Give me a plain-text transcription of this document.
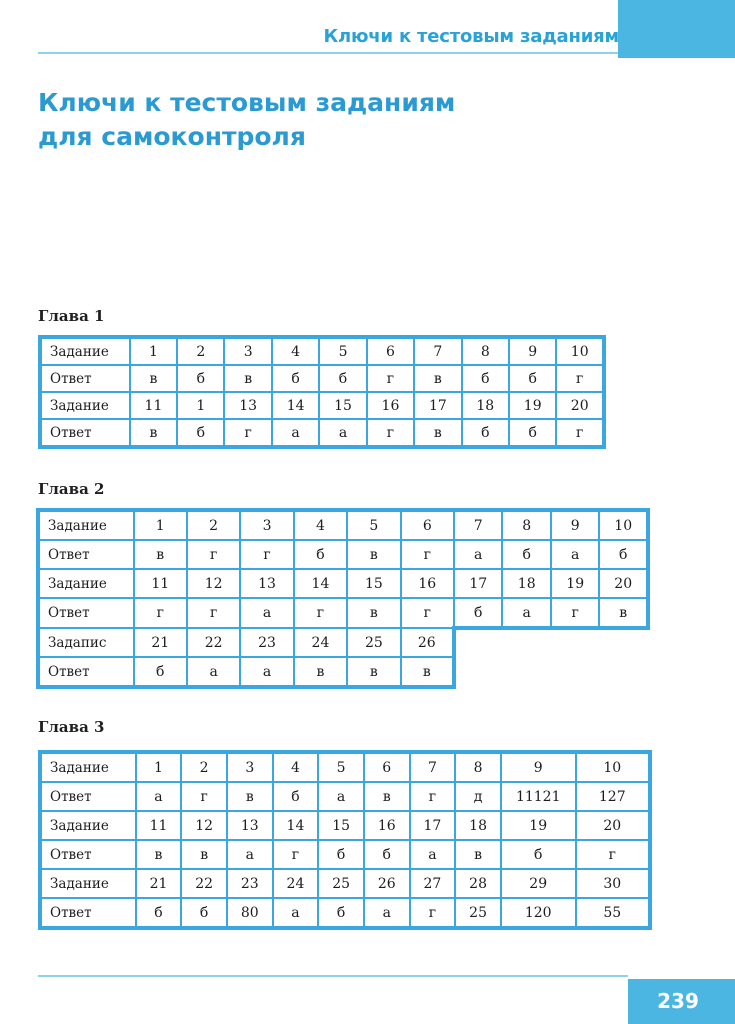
Ключи к тестовым заданиям
Ключи к тестовым заданиям
для самоконтроля

Глава 1

Задание	1	2	3	4	5	6	7	8	9	10
Ответ	в	б	в	б	б	г	в	б	б	г
Задание	11	1	13	14	15	16	17	18	19	20
Ответ	в	б	г	а	а	г	в	б	б	г

Глава 2

Задание	1	2	3	4	5	6	7	8	9	10
Ответ	в	г	г	б	в	г	а	б	а	б
Задание	11	12	13	14	15	16	17	18	19	20
Ответ	г	г	а	г	в	г	б	а	г	в
Задапис	21	22	23	24	25	26				
Ответ	б	а	а	в	в	в				

Глава 3

Задание	1	2	3	4	5	6	7	8	9	10
Ответ	а	г	в	б	а	в	г	д	11121	127
Задание	11	12	13	14	15	16	17	18	19	20
Ответ	в	в	а	г	б	б	а	в	б	г
Задание	21	22	23	24	25	26	27	28	29	30
Ответ	б	б	80	а	б	а	г	25	120	55
239
